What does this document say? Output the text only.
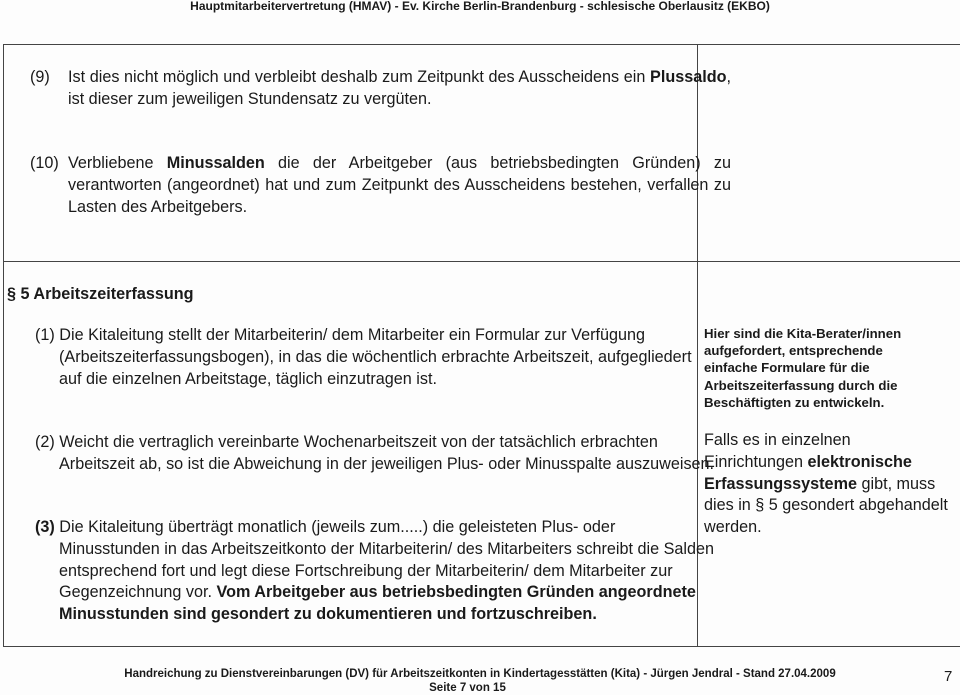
Hauptmitarbeitervertretung (HMAV) - Ev. Kirche Berlin-Brandenburg - schlesische Oberlausitz (EKBO)
(9) Ist dies nicht möglich und verbleibt deshalb zum Zeitpunkt des Ausscheidens ein Plussaldo, ist dieser zum jeweiligen Stundensatz zu vergüten.
(10) Verbliebene Minussalden die der Arbeitgeber (aus betriebsbedingten Gründen) zu verantworten (angeordnet) hat und zum Zeitpunkt des Ausscheidens bestehen, verfallen zu Lasten des Arbeitgebers.
§ 5 Arbeitszeiterfassung
(1) Die Kitaleitung stellt der Mitarbeiterin/ dem Mitarbeiter ein Formular zur Verfügung (Arbeitszeiterfassungsbogen), in das die wöchentlich erbrachte Arbeitszeit, aufgegliedert auf die einzelnen Arbeitstage, täglich einzutragen ist.
(2) Weicht die vertraglich vereinbarte Wochenarbeitszeit von der tatsächlich erbrachten Arbeitszeit ab, so ist die Abweichung in der jeweiligen Plus- oder Minusspalte auszuweisen.
(3) Die Kitaleitung überträgt monatlich (jeweils zum.....) die geleisteten Plus- oder Minusstunden in das Arbeitszeitkonto der Mitarbeiterin/ des Mitarbeiters schreibt die Salden entsprechend fort und legt diese Fortschreibung der Mitarbeiterin/ dem Mitarbeiter zur Gegenzeichnung vor. Vom Arbeitgeber aus betriebsbedingten Gründen angeordnete Minusstunden sind gesondert zu dokumentieren und fortzuschreiben.
Hier sind die Kita-Berater/innen aufgefordert, entsprechende einfache Formulare für die Arbeitszeiterfassung durch die Beschäftigten zu entwickeln.
Falls es in einzelnen Einrichtungen elektronische Erfassungssysteme gibt, muss dies in § 5 gesondert abgehandelt werden.
Handreichung zu Dienstvereinbarungen (DV) für Arbeitszeitkonten in Kindertagesstätten (Kita) - Jürgen Jendral - Stand 27.04.2009
Seite 7 von 15
7
